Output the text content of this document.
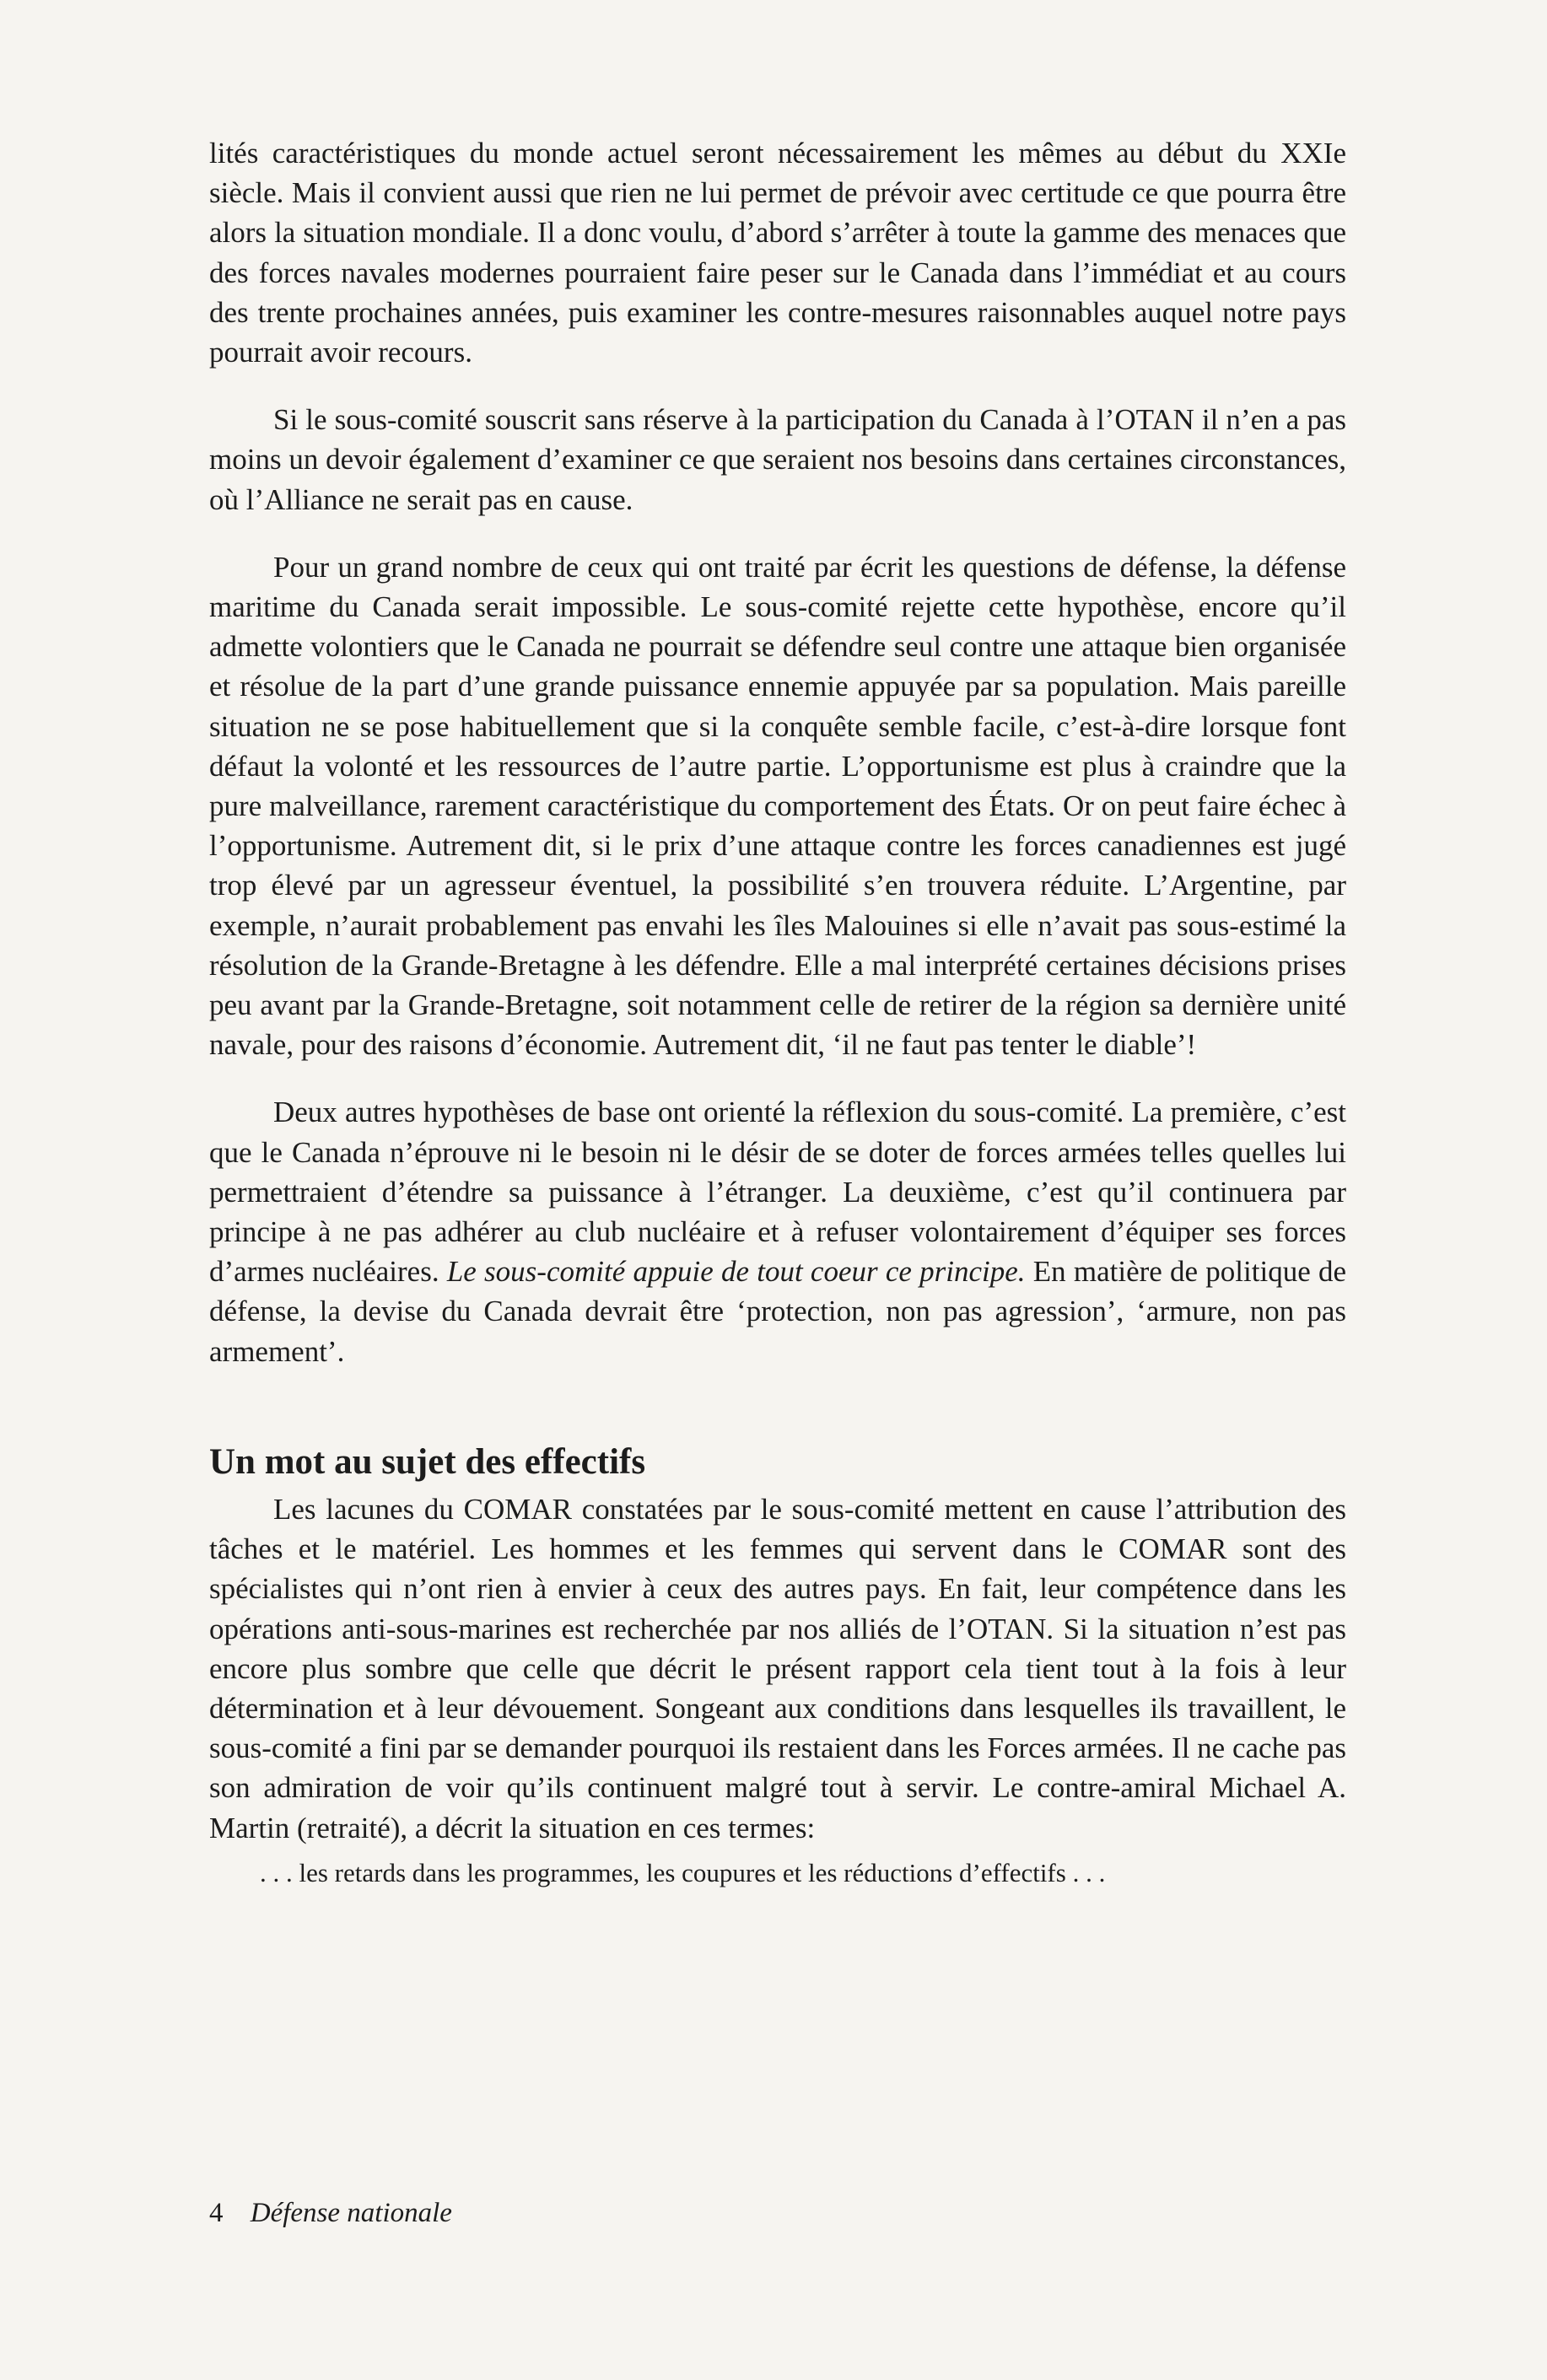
lités caractéristiques du monde actuel seront nécessairement les mêmes au début du XXIe siècle. Mais il convient aussi que rien ne lui permet de prévoir avec certitude ce que pourra être alors la situation mondiale. Il a donc voulu, d’abord s’arrêter à toute la gamme des menaces que des forces navales modernes pourraient faire peser sur le Canada dans l’immédiat et au cours des trente prochaines années, puis examiner les contre-mesures raisonnables auquel notre pays pourrait avoir recours.

Si le sous-comité souscrit sans réserve à la participation du Canada à l’OTAN il n’en a pas moins un devoir également d’examiner ce que seraient nos besoins dans certaines circonstances, où l’Alliance ne serait pas en cause.

Pour un grand nombre de ceux qui ont traité par écrit les questions de défense, la défense maritime du Canada serait impossible. Le sous-comité rejette cette hypothèse, encore qu’il admette volontiers que le Canada ne pourrait se défendre seul contre une attaque bien organisée et résolue de la part d’une grande puissance ennemie appuyée par sa population. Mais pareille situation ne se pose habituellement que si la conquête semble facile, c’est-à-dire lorsque font défaut la volonté et les ressources de l’autre partie. L’opportunisme est plus à craindre que la pure malveillance, rarement caractéristique du comportement des États. Or on peut faire échec à l’opportunisme. Autrement dit, si le prix d’une attaque contre les forces canadiennes est jugé trop élevé par un agresseur éventuel, la possibilité s’en trouvera réduite. L’Argentine, par exemple, n’aurait probablement pas envahi les îles Malouines si elle n’avait pas sous-estimé la résolution de la Grande-Bretagne à les défendre. Elle a mal interprété certaines décisions prises peu avant par la Grande-Bretagne, soit notamment celle de retirer de la région sa dernière unité navale, pour des raisons d’économie. Autrement dit, ‘il ne faut pas tenter le diable’!

Deux autres hypothèses de base ont orienté la réflexion du sous-comité. La première, c’est que le Canada n’éprouve ni le besoin ni le désir de se doter de forces armées telles quelles lui permettraient d’étendre sa puissance à l’étranger. La deuxième, c’est qu’il continuera par principe à ne pas adhérer au club nucléaire et à refuser volontairement d’équiper ses forces d’armes nucléaires. Le sous-comité appuie de tout coeur ce principe. En matière de politique de défense, la devise du Canada devrait être ‘protection, non pas agression’, ‘armure, non pas armement’.

Un mot au sujet des effectifs

Les lacunes du COMAR constatées par le sous-comité mettent en cause l’attribution des tâches et le matériel. Les hommes et les femmes qui servent dans le COMAR sont des spécialistes qui n’ont rien à envier à ceux des autres pays. En fait, leur compétence dans les opérations anti-sous-marines est recherchée par nos alliés de l’OTAN. Si la situation n’est pas encore plus sombre que celle que décrit le présent rapport cela tient tout à la fois à leur détermination et à leur dévouement. Songeant aux conditions dans lesquelles ils travaillent, le sous-comité a fini par se demander pourquoi ils restaient dans les Forces armées. Il ne cache pas son admiration de voir qu’ils continuent malgré tout à servir. Le contre-amiral Michael A. Martin (retraité), a décrit la situation en ces termes:

. . . les retards dans les programmes, les coupures et les réductions d’effectifs . . .

4 Défense nationale
